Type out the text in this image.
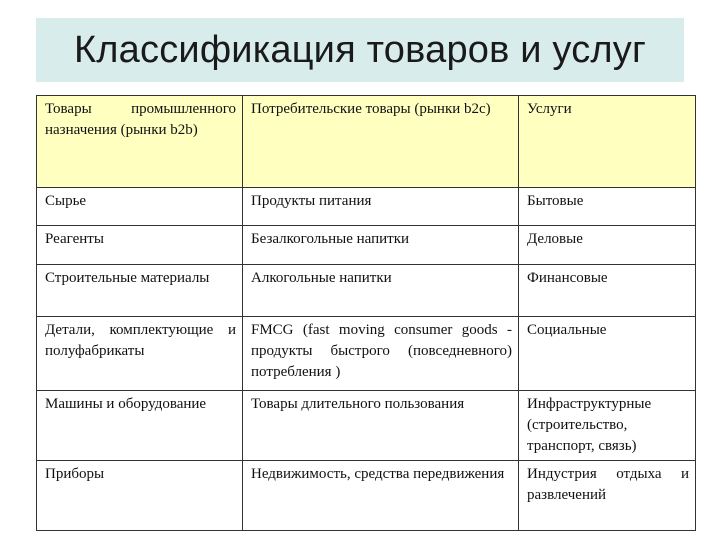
Классификация товаров и услуг
Товары промышленного назначения (рынки b2b)	Потребительские товары (рынки b2c)	Услуги
Сырье	Продукты питания	Бытовые
Реагенты	Безалкогольные напитки	Деловые
Строительные материалы	Алкогольные напитки	Финансовые
Детали, комплектующие и полуфабрикаты	FMCG (fast moving consumer goods - продукты быстрого (повседневного) потребления )	Социальные
Машины и оборудование	Товары длительного пользования	Инфраструктурные (строительство, транспорт, связь)
Приборы	Недвижимость, средства передвижения	Индустрия отдыха и развлечений
